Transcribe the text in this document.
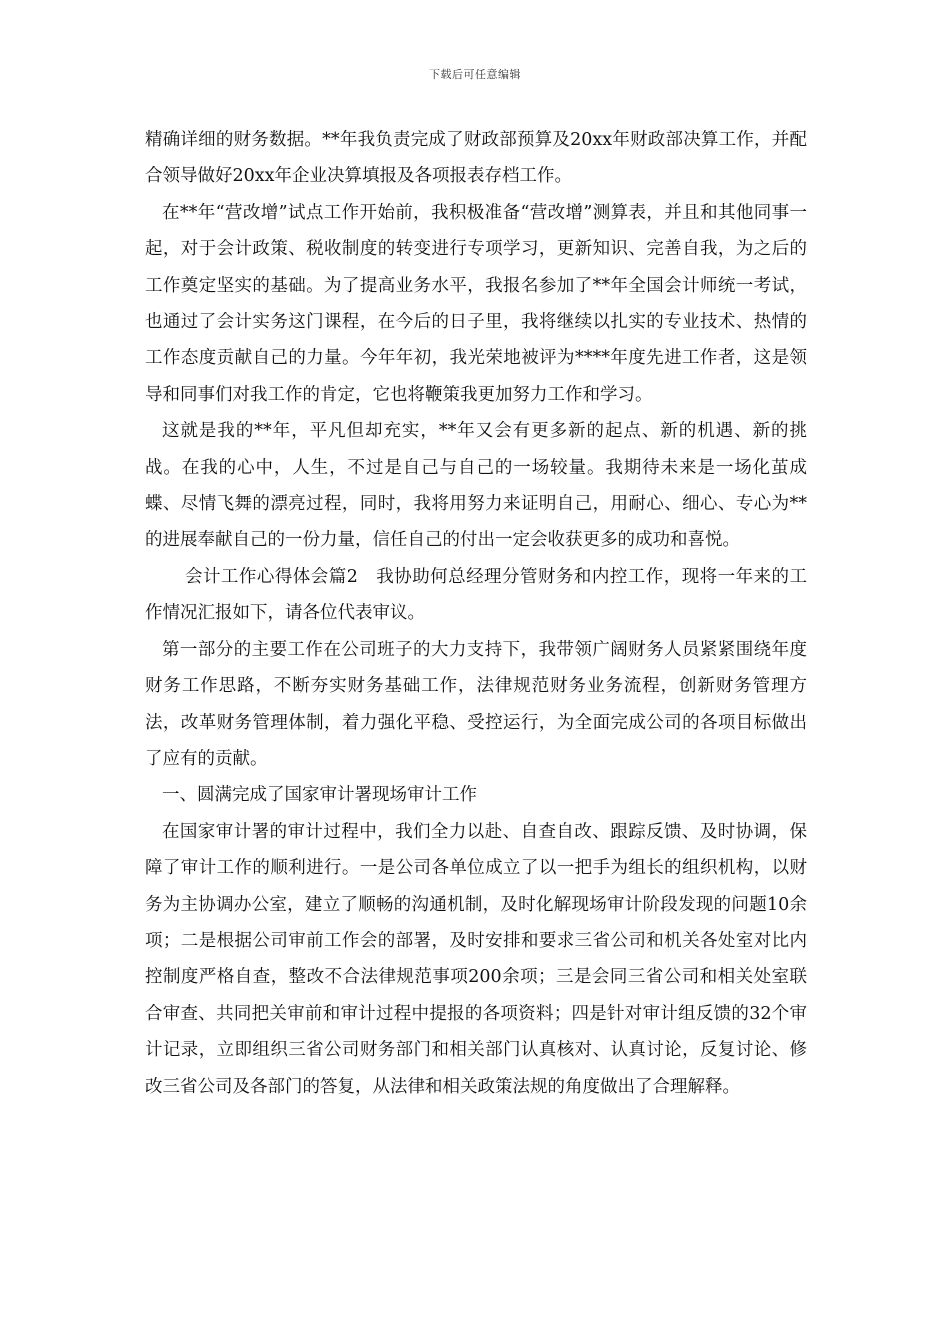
下载后可任意编辑

精确详细的财务数据。**年我负责完成了财政部预算及20xx年财政部决算工作，并配合领导做好20xx年企业决算填报及各项报表存档工作。

在**年“营改增”试点工作开始前，我积极准备“营改增”测算表，并且和其他同事一起，对于会计政策、税收制度的转变进行专项学习，更新知识、完善自我，为之后的工作奠定坚实的基础。为了提高业务水平，我报名参加了**年全国会计师统一考试，也通过了会计实务这门课程，在今后的日子里，我将继续以扎实的专业技术、热情的工作态度贡献自己的力量。今年年初，我光荣地被评为****年度先进工作者，这是领导和同事们对我工作的肯定，它也将鞭策我更加努力工作和学习。

这就是我的**年，平凡但却充实，**年又会有更多新的起点、新的机遇、新的挑战。在我的心中，人生，不过是自己与自己的一场较量。我期待未来是一场化茧成蝶、尽情飞舞的漂亮过程，同时，我将用努力来证明自己，用耐心、细心、专心为**的进展奉献自己的一份力量，信任自己的付出一定会收获更多的成功和喜悦。

会计工作心得体会篇2　我协助何总经理分管财务和内控工作，现将一年来的工作情况汇报如下，请各位代表审议。

第一部分的主要工作在公司班子的大力支持下，我带领广阔财务人员紧紧围绕年度财务工作思路，不断夯实财务基础工作，法律规范财务业务流程，创新财务管理方法，改革财务管理体制，着力强化平稳、受控运行，为全面完成公司的各项目标做出了应有的贡献。

一、圆满完成了国家审计署现场审计工作

在国家审计署的审计过程中，我们全力以赴、自查自改、跟踪反馈、及时协调，保障了审计工作的顺利进行。一是公司各单位成立了以一把手为组长的组织机构，以财务为主协调办公室，建立了顺畅的沟通机制，及时化解现场审计阶段发现的问题10余项；二是根据公司审前工作会的部署，及时安排和要求三省公司和机关各处室对比内控制度严格自查，整改不合法律规范事项200余项；三是会同三省公司和相关处室联合审查、共同把关审前和审计过程中提报的各项资料；四是针对审计组反馈的32个审计记录，立即组织三省公司财务部门和相关部门认真核对、认真讨论，反复讨论、修改三省公司及各部门的答复，从法律和相关政策法规的角度做出了合理解释。
